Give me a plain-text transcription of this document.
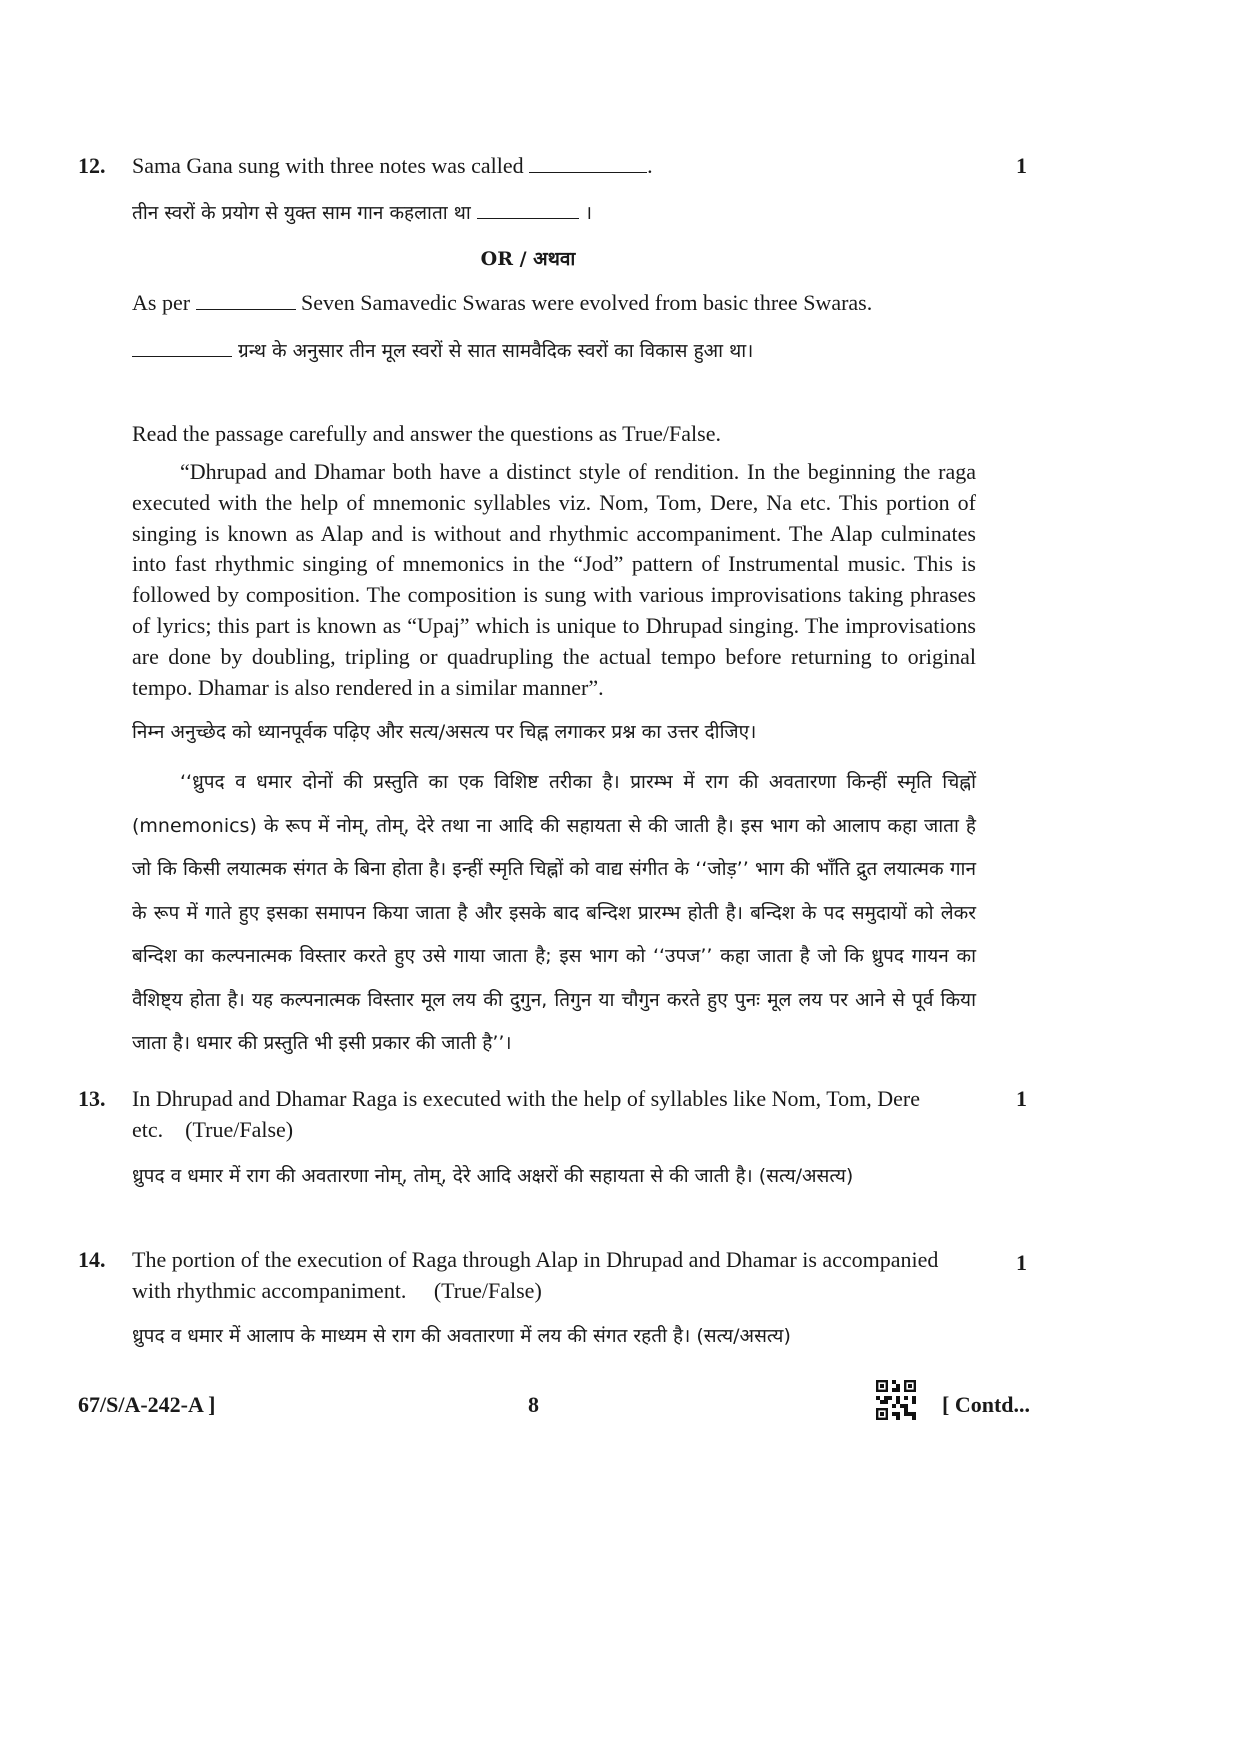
12. Sama Gana sung with three notes was called	.	1
तीन स्वरों के प्रयोग से युक्त साम गान कहलाता था	।
OR / अथवा
As per	Seven Samavedic Swaras were evolved from basic three Swaras.
ग्रन्थ के अनुसार तीन मूल स्वरों से सात सामवैदिक स्वरों का विकास हुआ था।
Read the passage carefully and answer the questions as True/False.
“Dhrupad and Dhamar both have a distinct style of rendition. In the beginning the raga executed with the help of mnemonic syllables viz. Nom, Tom, Dere, Na etc. This portion of singing is known as Alap and is without and rhythmic accompaniment. The Alap culminates into fast rhythmic singing of mnemonics in the “Jod” pattern of Instrumental music. This is followed by composition. The composition is sung with various improvisations taking phrases of lyrics; this part is known as “Upaj” which is unique to Dhrupad singing. The improvisations are done by doubling, tripling or quadrupling the actual tempo before returning to original tempo. Dhamar is also rendered in a similar manner”.
निम्न अनुच्छेद को ध्यानपूर्वक पढ़िए और सत्य/असत्य पर चिह्न लगाकर प्रश्न का उत्तर दीजिए।
‘‘ध्रुपद व धमार दोनों की प्रस्तुति का एक विशिष्ट तरीका है। प्रारम्भ में राग की अवतारणा किन्हीं स्मृति चिह्नों (mnemonics) के रूप में नोम्, तोम्, देरे तथा ना आदि की सहायता से की जाती है। इस भाग को आलाप कहा जाता है जो कि किसी लयात्मक संगत के बिना होता है। इन्हीं स्मृति चिह्नों को वाद्य संगीत के ‘‘जोड़’’ भाग की भाँति द्रुत लयात्मक गान के रूप में गाते हुए इसका समापन किया जाता है और इसके बाद बन्दिश प्रारम्भ होती है। बन्दिश के पद समुदायों को लेकर बन्दिश का कल्पनात्मक विस्तार करते हुए उसे गाया जाता है; इस भाग को ‘‘उपज’’ कहा जाता है जो कि ध्रुपद गायन का वैशिष्ट्य होता है। यह कल्पनात्मक विस्तार मूल लय की दुगुन, तिगुन या चौगुन करते हुए पुनः मूल लय पर आने से पूर्व किया जाता है। धमार की प्रस्तुति भी इसी प्रकार की जाती है’’।
13. In Dhrupad and Dhamar Raga is executed with the help of syllables like Nom, Tom, Dere
etc.    (True/False)
1
ध्रुपद व धमार में राग की अवतारणा नोम्, तोम्, देरे आदि अक्षरों की सहायता से की जाती है। (सत्य/असत्य)
14. The portion of the execution of Raga through Alap in Dhrupad and Dhamar is accompanied
with rhythmic accompaniment.     (True/False)
1
ध्रुपद व धमार में आलाप के माध्यम से राग की अवतारणा में लय की संगत रहती है। (सत्य/असत्य)
67/S/A-242-A ]	8	[ Contd...
